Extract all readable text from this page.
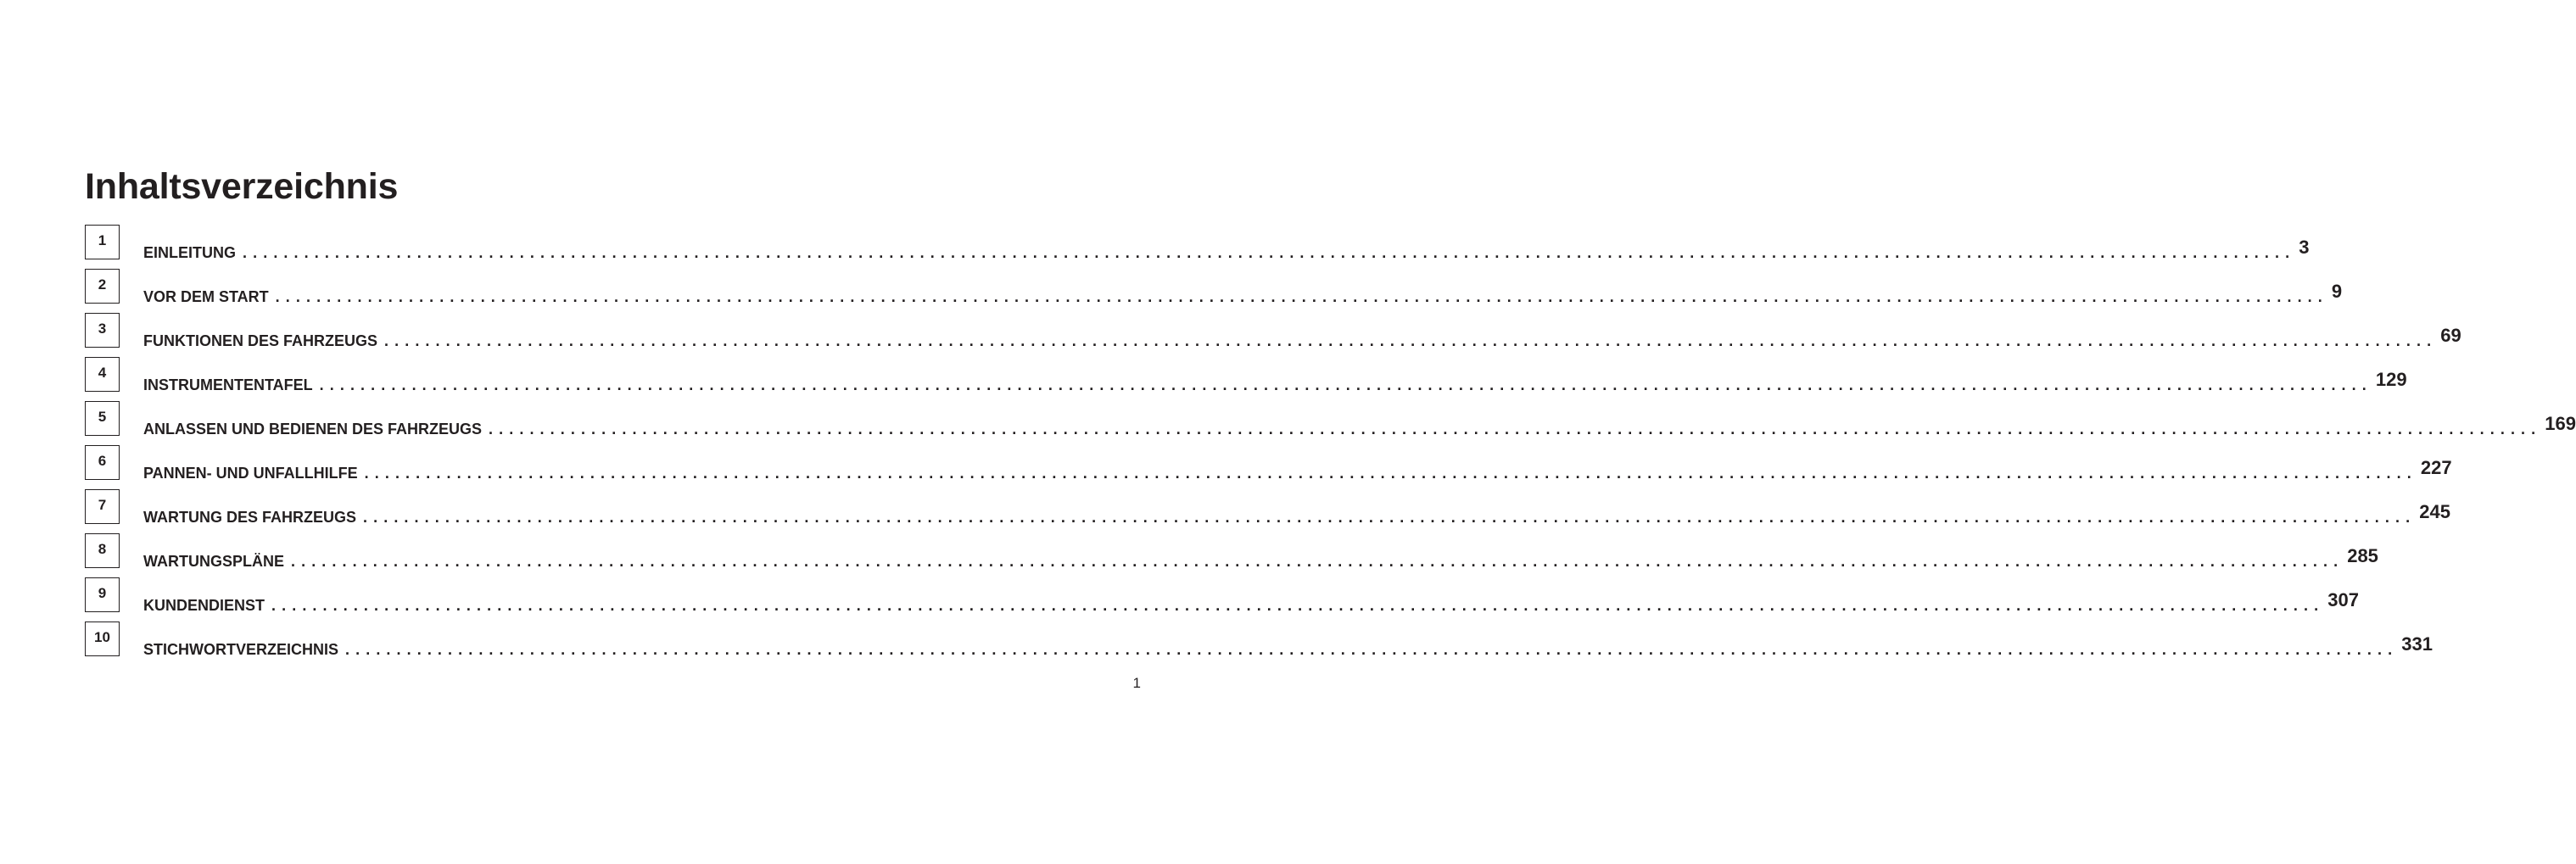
Inhaltsverzeichnis
1
EINLEITUNG ........................................................................................................................................................................................................ 3
2
VOR DEM START ........................................................................................................................................................................................................ 9
3
FUNKTIONEN DES FAHRZEUGS ........................................................................................................................................................................................................ 69
4
INSTRUMENTENTAFEL ........................................................................................................................................................................................................ 129
5
ANLASSEN UND BEDIENEN DES FAHRZEUGS ........................................................................................................................................................................................................ 169
6
PANNEN- UND UNFALLHILFE ........................................................................................................................................................................................................ 227
7
WARTUNG DES FAHRZEUGS ........................................................................................................................................................................................................ 245
8
WARTUNGSPLÄNE ........................................................................................................................................................................................................ 285
9
KUNDENDIENST ........................................................................................................................................................................................................ 307
10
STICHWORTVERZEICHNIS ........................................................................................................................................................................................................ 331
1
